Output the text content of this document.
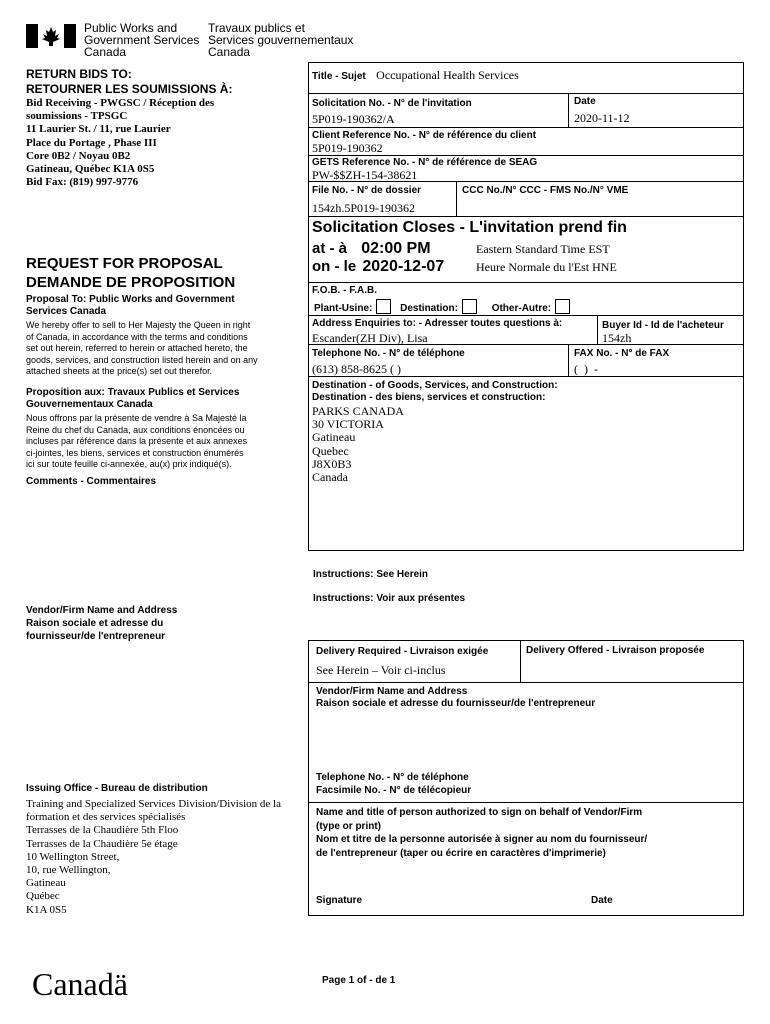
Public Works and
Government Services
Canada
Travaux publics et
Services gouvernementaux
Canada
RETURN BIDS TO:
RETOURNER LES SOUMISSIONS À:
Bid Receiving - PWGSC / Réception des
soumissions - TPSGC
11 Laurier St. / 11, rue Laurier
Place du Portage , Phase III
Core 0B2 / Noyau 0B2
Gatineau, Québec K1A 0S5
Bid Fax: (819) 997-9776
REQUEST FOR PROPOSAL
DEMANDE DE PROPOSITION
Proposal To: Public Works and Government
Services Canada
We hereby offer to sell to Her Majesty the Queen in right
of Canada, in accordance with the terms and conditions
set out herein, referred to herein or attached hereto, the
goods, services, and construction listed herein and on any
attached sheets at the price(s) set out therefor.
Proposition aux: Travaux Publics et Services
Gouvernementaux Canada
Nous offrons par la présente de vendre à Sa Majesté la
Reine du chef du Canada, aux conditions énoncées ou
incluses par référence dans la présente et aux annexes
ci-jointes, les biens, services et construction énumérés
ici sur toute feuille ci-annexée, au(x) prix indiqué(s).
Comments - Commentaires
Vendor/Firm Name and Address
Raison sociale et adresse du
fournisseur/de l'entrepreneur
Issuing Office - Bureau de distribution
Training and Specialized Services Division/Division de la
formation et des services spécialisés
Terrasses de la Chaudière 5th Floo
Terrasses de la Chaudière 5e étage
10 Wellington Street,
10, rue Wellington,
Gatineau
Québec
K1A 0S5
Canadä
Title - Sujet Occupational Health Services
Solicitation No. - N° de l'invitation
5P019-190362/A
Date
2020-11-12
Client Reference No. - N° de référence du client
5P019-190362
GETS Reference No. - N° de référence de SEAG
PW-$$ZH-154-38621
File No. - N° de dossier
154zh.5P019-190362
CCC No./N° CCC - FMS No./N° VME
Solicitation Closes - L'invitation prend fin
at - à 02:00 PM
on - le 2020-12-07
Eastern Standard Time EST
Heure Normale du l'Est HNE
F.O.B. - F.A.B.
Plant-Usine:	Destination:	Other-Autre:
Address Enquiries to: - Adresser toutes questions à:
Escander(ZH Div), Lisa
Buyer Id - Id de l'acheteur
154zh
Telephone No. - N° de téléphone
(613) 858-8625 ( )
FAX No. - N° de FAX
(  )  -
Destination - of Goods, Services, and Construction:
Destination - des biens, services et construction:
PARKS CANADA
30 VICTORIA
Gatineau
Quebec
J8X0B3
Canada
Instructions: See Herein
Instructions: Voir aux présentes
Delivery Required - Livraison exigée
See Herein – Voir ci-inclus
Delivery Offered - Livraison proposée
Vendor/Firm Name and Address
Raison sociale et adresse du fournisseur/de l'entrepreneur
Telephone No. - N° de téléphone
Facsimile No. - N° de télécopieur
Name and title of person authorized to sign on behalf of Vendor/Firm
(type or print)
Nom et titre de la personne autorisée à signer au nom du fournisseur/
de l'entrepreneur (taper ou écrire en caractères d'imprimerie)
Signature	Date
Page 1 of - de 1
